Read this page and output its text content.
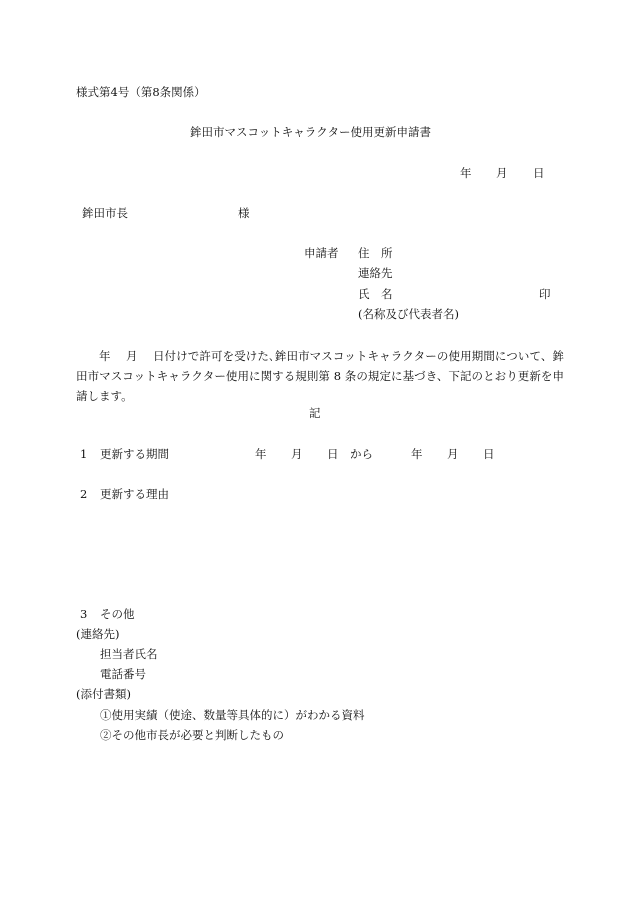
様式第4号（第8条関係）
鉾田市マスコットキャラクター使用更新申請書
年 月 日
鉾田市長	様
申請者 住　所
連絡先
氏　名	印
(名称及び代表者名)
年　 月　 日付けで許可を受けた､鉾田市マスコットキャラクターの使用期間について、鉾田市マスコットキャラクター使用に関する規則第 8 条の規定に基づき、下記のとおり更新を申請します。
記
1 更新する期間	年 月 日 から	年 月 日
2 更新する理由
3 その他
(連絡先)
担当者氏名
電話番号
(添付書類)
①使用実績（使途、数量等具体的に）がわかる資料
②その他市長が必要と判断したもの
